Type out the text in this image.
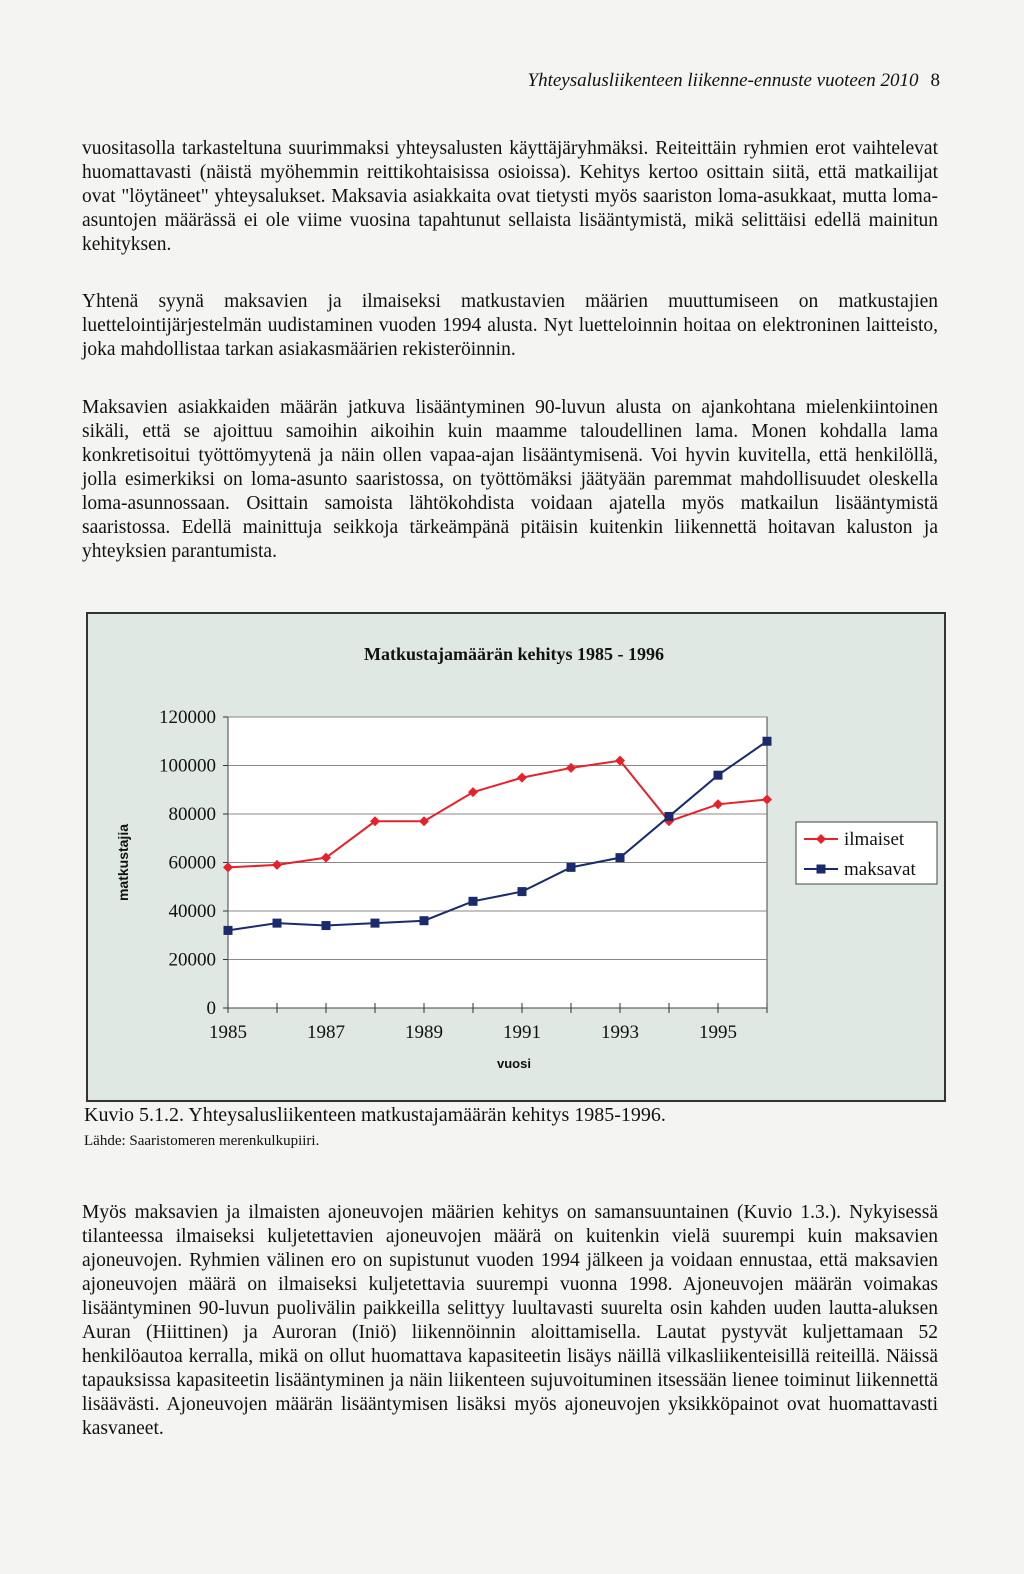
Yhteysalusliikenteen liikenne-ennuste vuoteen 2010 8

vuositasolla tarkasteltuna suurimmaksi yhteysalusten käyttäjäryhmäksi. Reiteittäin ryhmien erot vaihtelevat huomattavasti (näistä myöhemmin reittikohtaisissa osioissa). Kehitys kertoo osittain siitä, että matkailijat ovat "löytäneet" yhteysalukset. Maksavia asiakkaita ovat tietysti myös saariston loma-asukkaat, mutta loma-asuntojen määrässä ei ole viime vuosina tapahtunut sellaista lisääntymistä, mikä selittäisi edellä mainitun kehityksen.

Yhtenä syynä maksavien ja ilmaiseksi matkustavien määrien muuttumiseen on matkustajien luettelointijärjestelmän uudistaminen vuoden 1994 alusta. Nyt luetteloinnin hoitaa on elektroninen laitteisto, joka mahdollistaa tarkan asiakasmäärien rekisteröinnin.

Maksavien asiakkaiden määrän jatkuva lisääntyminen 90-luvun alusta on ajankohtana mielenkiintoinen sikäli, että se ajoittuu samoihin aikoihin kuin maamme taloudellinen lama. Monen kohdalla lama konkretisoitui työttömyytenä ja näin ollen vapaa-ajan lisääntymisenä. Voi hyvin kuvitella, että henkilöllä, jolla esimerkiksi on loma-asunto saaristossa, on työttömäksi jäätyään paremmat mahdollisuudet oleskella loma-asunnossaan. Osittain samoista lähtökohdista voidaan ajatella myös matkailun lisääntymistä saaristossa. Edellä mainittuja seikkoja tärkeämpänä pitäisin kuitenkin liikennettä hoitavan kaluston ja yhteyksien parantumista.

Matkustajamäärän kehitys 1985 - 1996
0
20000
40000
60000
80000
100000
120000
1985	1987	1989	1991	1993	1995
vuosi
matkustajia	ilmaiset
maksavat
Kuvio 5.1.2. Yhteysalusliikenteen matkustajamäärän kehitys 1985-1996.
Lähde: Saaristomeren merenkulkupiiri.

Myös maksavien ja ilmaisten ajoneuvojen määrien kehitys on samansuuntainen (Kuvio 1.3.). Nykyisessä tilanteessa ilmaiseksi kuljetettavien ajoneuvojen määrä on kuitenkin vielä suurempi kuin maksavien ajoneuvojen. Ryhmien välinen ero on supistunut vuoden 1994 jälkeen ja voidaan ennustaa, että maksavien ajoneuvojen määrä on ilmaiseksi kuljetettavia suurempi vuonna 1998. Ajoneuvojen määrän voimakas lisääntyminen 90-luvun puolivälin paikkeilla selittyy luultavasti suurelta osin kahden uuden lautta-aluksen Auran (Hiittinen) ja Auroran (Iniö) liikennöinnin aloittamisella. Lautat pystyvät kuljettamaan 52 henkilöautoa kerralla, mikä on ollut huomattava kapasiteetin lisäys näillä vilkasliikenteisillä reiteillä. Näissä tapauksissa kapasiteetin lisääntyminen ja näin liikenteen sujuvoituminen itsessään lienee toiminut liikennettä lisäävästi. Ajoneuvojen määrän lisääntymisen lisäksi myös ajoneuvojen yksikköpainot ovat huomattavasti kasvaneet.
